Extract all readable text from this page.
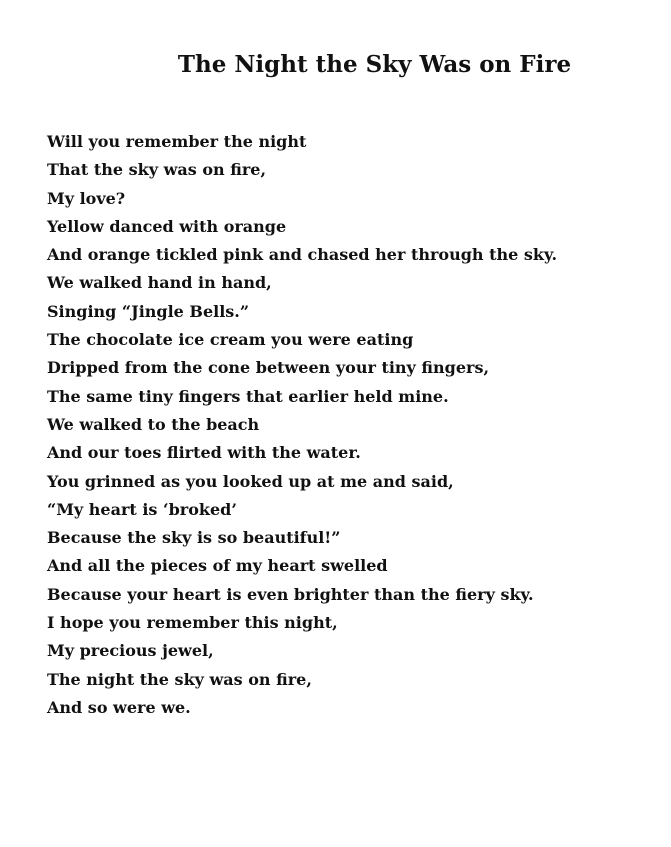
The Night the Sky Was on Fire
Will you remember the night
That the sky was on fire,
My love?
Yellow danced with orange
And orange tickled pink and chased her through the sky.
We walked hand in hand,
Singing “Jingle Bells.”
The chocolate ice cream you were eating
Dripped from the cone between your tiny fingers,
The same tiny fingers that earlier held mine.
We walked to the beach
And our toes flirted with the water.
You grinned as you looked up at me and said,
“My heart is ‘broked’
Because the sky is so beautiful!”
And all the pieces of my heart swelled
Because your heart is even brighter than the fiery sky.
I hope you remember this night,
My precious jewel,
The night the sky was on fire,
And so were we.
